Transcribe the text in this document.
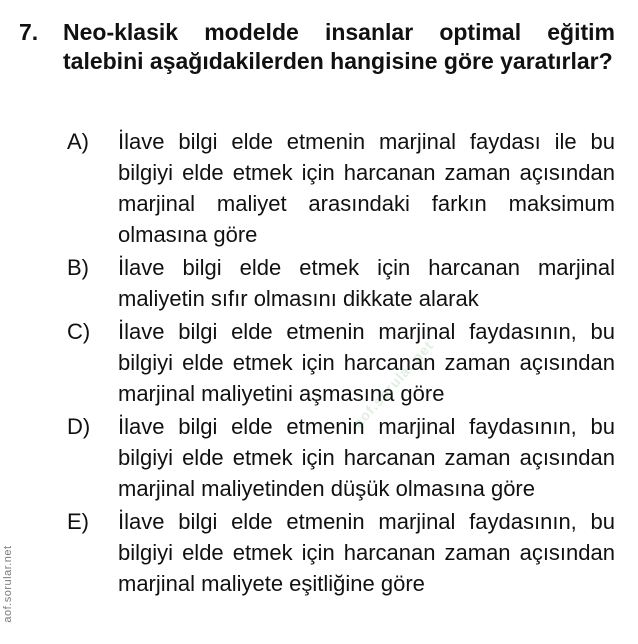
7.	Neo-klasik modelde insanlar optimal eğitim talebini aşağıdakilerden hangisine göre yaratırlar?
A)	İlave bilgi elde etmenin marjinal faydası ile bu bilgiyi elde etmek için harcanan zaman açısından marjinal maliyet arasındaki farkın maksimum olmasına göre
B)	İlave bilgi elde etmek için harcanan marjinal maliyetin sıfır olmasını dikkate alarak
C)	İlave bilgi elde etmenin marjinal faydasının, bu bilgiyi elde etmek için harcanan zaman açısından marjinal maliyetini aşmasına göre
D)	İlave bilgi elde etmenin marjinal faydasının, bu bilgiyi elde etmek için harcanan zaman açısından marjinal maliyetinden düşük olmasına göre
E)	İlave bilgi elde etmenin marjinal faydasının, bu bilgiyi elde etmek için harcanan zaman açısından marjinal maliyete eşitliğine göre
aof.sorular.net
aof.sorular.net
